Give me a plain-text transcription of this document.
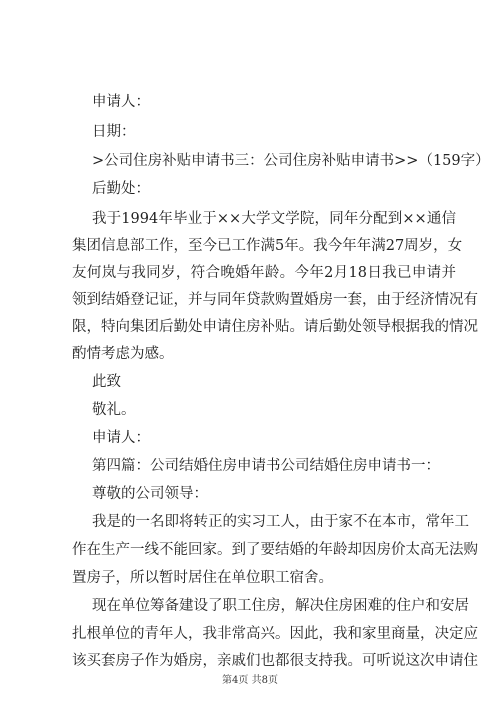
申请人：
日期：
>公司住房补贴申请书三：公司住房补贴申请书>>（159字）
后勤处：
我于1994年毕业于××大学文学院，同年分配到××通信
集团信息部工作，至今已工作满5年。我今年年满27周岁，女
友何岚与我同岁，符合晚婚年龄。今年2月18日我已申请并
领到结婚登记证，并与同年贷款购置婚房一套，由于经济情况有
限，特向集团后勤处申请住房补贴。请后勤处领导根据我的情况
酌情考虑为感。
此致
敬礼。
申请人：
第四篇：公司结婚住房申请书公司结婚住房申请书一：
尊敬的公司领导：
我是的一名即将转正的实习工人，由于家不在本市，常年工
作在生产一线不能回家。到了要结婚的年龄却因房价太高无法购
置房子，所以暂时居住在单位职工宿舍。
现在单位筹备建设了职工住房，解决住房困难的住户和安居
扎根单位的青年人，我非常高兴。因此，我和家里商量，决定应
该买套房子作为婚房，亲戚们也都很支持我。可听说这次申请住
第4页 共8页
